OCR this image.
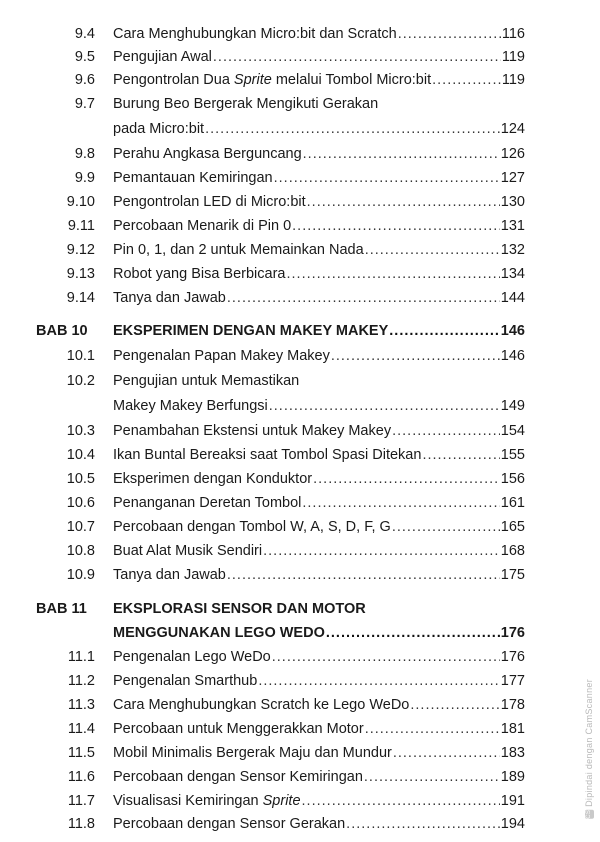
9.4 Cara Menghubungkan Micro:bit dan Scratch .....	116
9.5 Pengujian Awal .....	119
9.6 Pengontrolan Dua Sprite melalui Tombol Micro:bit .....	119
9.7 Burung Beo Bergerak Mengikuti Gerakan
pada Micro:bit .....	124
9.8 Perahu Angkasa Berguncang .....	126
9.9 Pemantauan Kemiringan .....	127
9.10 Pengontrolan LED di Micro:bit .....	130
9.11 Percobaan Menarik di Pin 0 .....	131
9.12 Pin 0, 1, dan 2 untuk Memainkan Nada .....	132
9.13 Robot yang Bisa Berbicara .....	134
9.14 Tanya dan Jawab .....	144
BAB 10	EKSPERIMEN DENGAN MAKEY MAKEY .....	146
10.1 Pengenalan Papan Makey Makey .....	146
10.2 Pengujian untuk Memastikan
Makey Makey Berfungsi .....	149
10.3 Penambahan Ekstensi untuk Makey Makey .....	154
10.4 Ikan Buntal Bereaksi saat Tombol Spasi Ditekan .....	155
10.5 Eksperimen dengan Konduktor .....	156
10.6 Penanganan Deretan Tombol .....	161
10.7 Percobaan dengan Tombol W, A, S, D, F, G .....	165
10.8 Buat Alat Musik Sendiri .....	168
10.9 Tanya dan Jawab .....	175
BAB 11	EKSPLORASI SENSOR DAN MOTOR
MENGGUNAKAN LEGO WEDO .....	176
11.1 Pengenalan Lego WeDo .....	176
11.2 Pengenalan Smarthub .....	177
11.3 Cara Menghubungkan Scratch ke Lego WeDo .....	178
11.4 Percobaan untuk Menggerakkan Motor .....	181
11.5 Mobil Minimalis Bergerak Maju dan Mundur .....	183
11.6 Percobaan dengan Sensor Kemiringan .....	189
11.7 Visualisasi Kemiringan Sprite .....	191
11.8 Percobaan dengan Sensor Gerakan .....	194
CS Dipindai dengan CamScanner
